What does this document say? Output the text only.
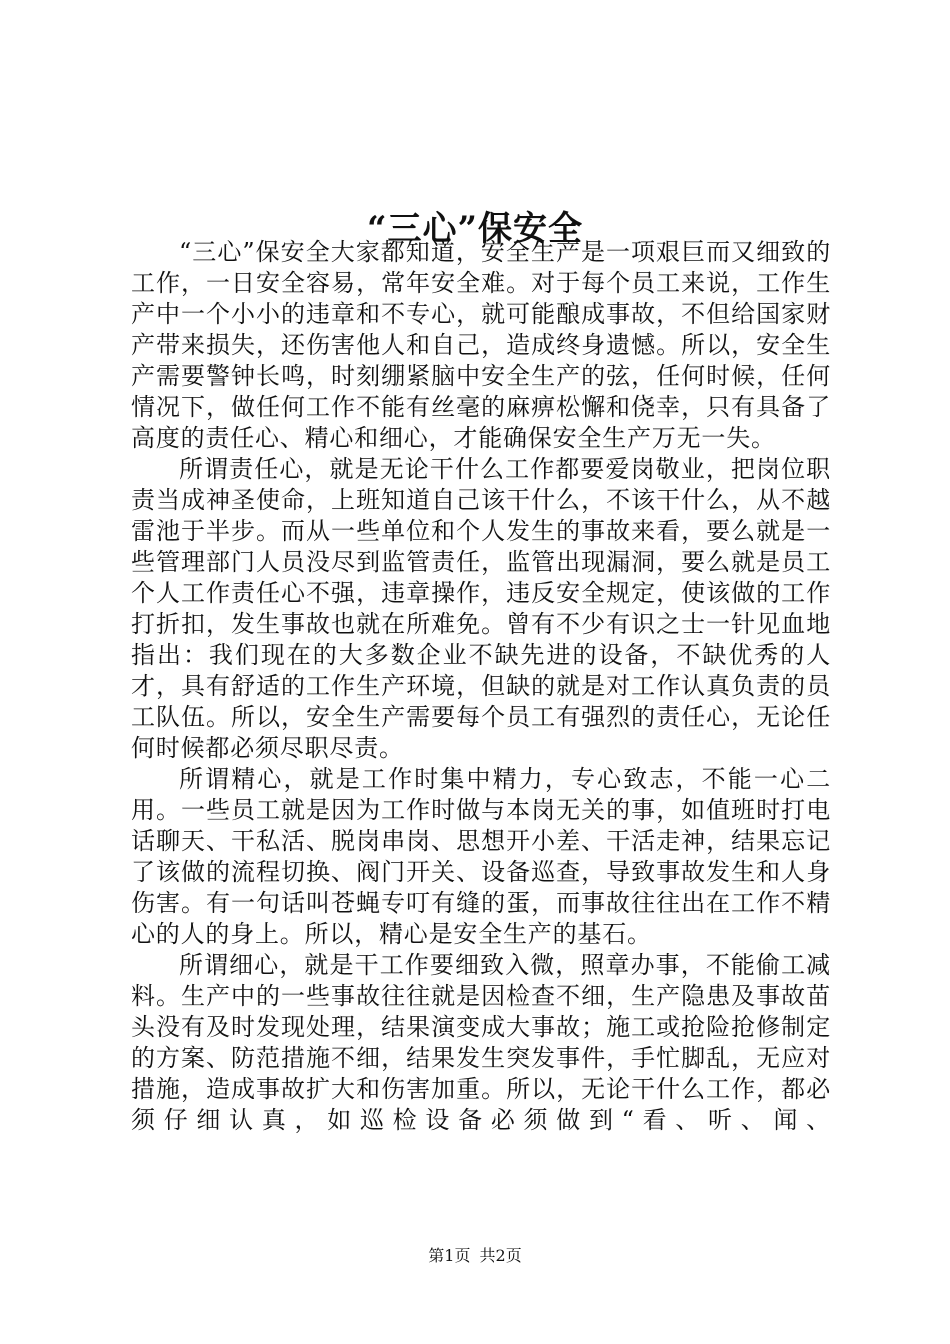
“三心”保安全

“三心”保安全大家都知道，安全生产是一项艰巨而又细致的工作，一日安全容易，常年安全难。对于每个员工来说，工作生产中一个小小的违章和不专心，就可能酿成事故，不但给国家财产带来损失，还伤害他人和自己，造成终身遗憾。所以，安全生产需要警钟长鸣，时刻绷紧脑中安全生产的弦，任何时候，任何情况下，做任何工作不能有丝毫的麻痹松懈和侥幸，只有具备了高度的责任心、精心和细心，才能确保安全生产万无一失。

所谓责任心，就是无论干什么工作都要爱岗敬业，把岗位职责当成神圣使命，上班知道自己该干什么，不该干什么，从不越雷池于半步。而从一些单位和个人发生的事故来看，要么就是一些管理部门人员没尽到监管责任，监管出现漏洞，要么就是员工个人工作责任心不强，违章操作，违反安全规定，使该做的工作打折扣，发生事故也就在所难免。曾有不少有识之士一针见血地指出：我们现在的大多数企业不缺先进的设备，不缺优秀的人才，具有舒适的工作生产环境，但缺的就是对工作认真负责的员工队伍。所以，安全生产需要每个员工有强烈的责任心，无论任何时候都必须尽职尽责。

所谓精心，就是工作时集中精力，专心致志，不能一心二用。一些员工就是因为工作时做与本岗无关的事，如值班时打电话聊天、干私活、脱岗串岗、思想开小差、干活走神，结果忘记了该做的流程切换、阀门开关、设备巡查，导致事故发生和人身伤害。有一句话叫苍蝇专叮有缝的蛋，而事故往往出在工作不精心的人的身上。所以，精心是安全生产的基石。

所谓细心，就是干工作要细致入微，照章办事，不能偷工减料。生产中的一些事故往往就是因检查不细，生产隐患及事故苗头没有及时发现处理，结果演变成大事故；施工或抢险抢修制定的方案、防范措施不细，结果发生突发事件，手忙脚乱，无应对措施，造成事故扩大和伤害加重。所以，无论干什么工作，都必须仔细认真，如巡检设备必须做到“看、听、闻、

第1页 共2页
